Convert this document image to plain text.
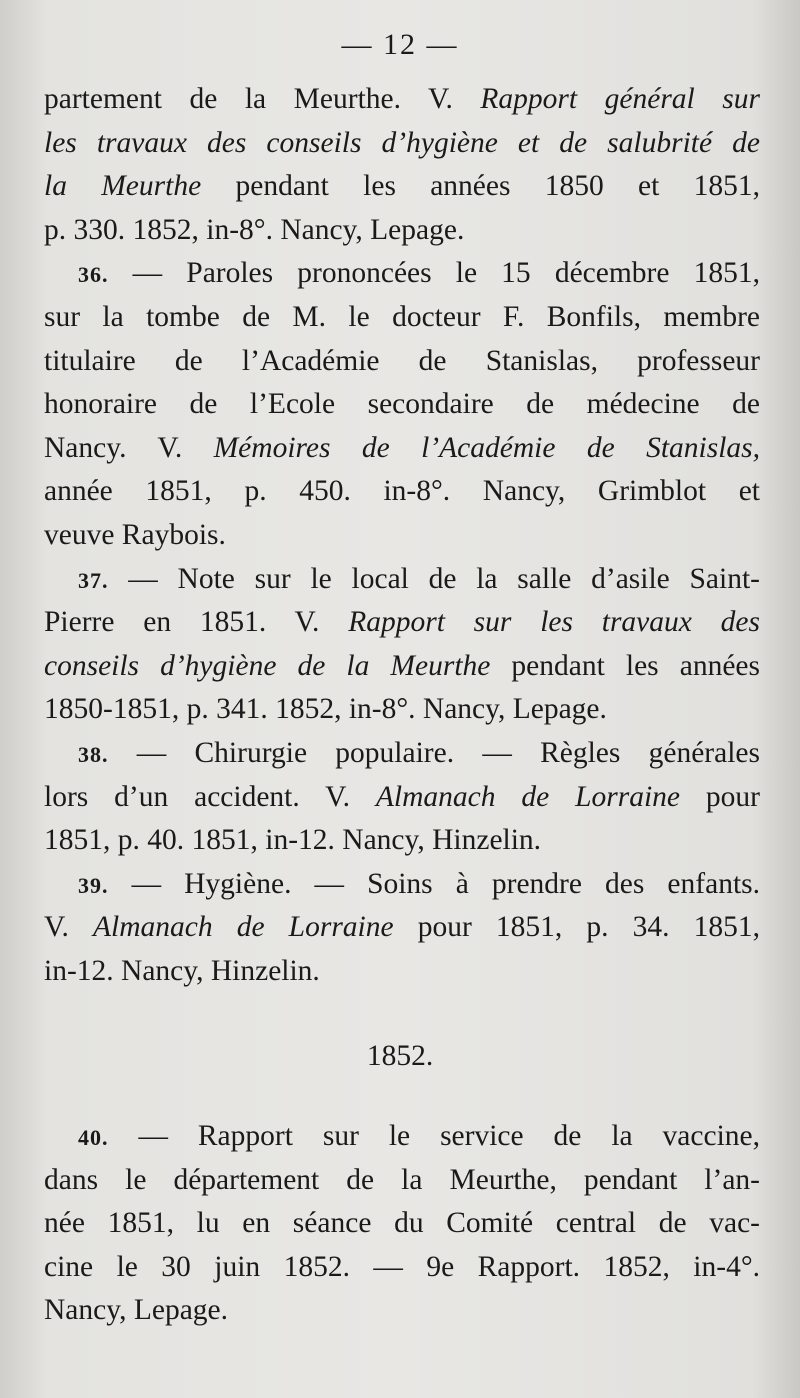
— 12 —
partement de la Meurthe. V. Rapport général sur
les travaux des conseils d’hygiène et de salubrité de
la Meurthe pendant les années 1850 et 1851,
p. 330. 1852, in-8°. Nancy, Lepage.
36. — Paroles prononcées le 15 décembre 1851,
sur la tombe de M. le docteur F. Bonfils, membre
titulaire de l’Académie de Stanislas, professeur
honoraire de l’Ecole secondaire de médecine de
Nancy. V. Mémoires de l’Académie de Stanislas,
année 1851, p. 450. in-8°. Nancy, Grimblot et
veuve Raybois.
37. — Note sur le local de la salle d’asile Saint-
Pierre en 1851. V. Rapport sur les travaux des
conseils d’hygiène de la Meurthe pendant les années
1850-1851, p. 341. 1852, in-8°. Nancy, Lepage.
38. — Chirurgie populaire. — Règles générales
lors d’un accident. V. Almanach de Lorraine pour
1851, p. 40. 1851, in-12. Nancy, Hinzelin.
39. — Hygiène. — Soins à prendre des enfants.
V. Almanach de Lorraine pour 1851, p. 34. 1851,
in-12. Nancy, Hinzelin.
1852.
40. — Rapport sur le service de la vaccine,
dans le département de la Meurthe, pendant l’an-
née 1851, lu en séance du Comité central de vac-
cine le 30 juin 1852. — 9e Rapport. 1852, in-4°.
Nancy, Lepage.
